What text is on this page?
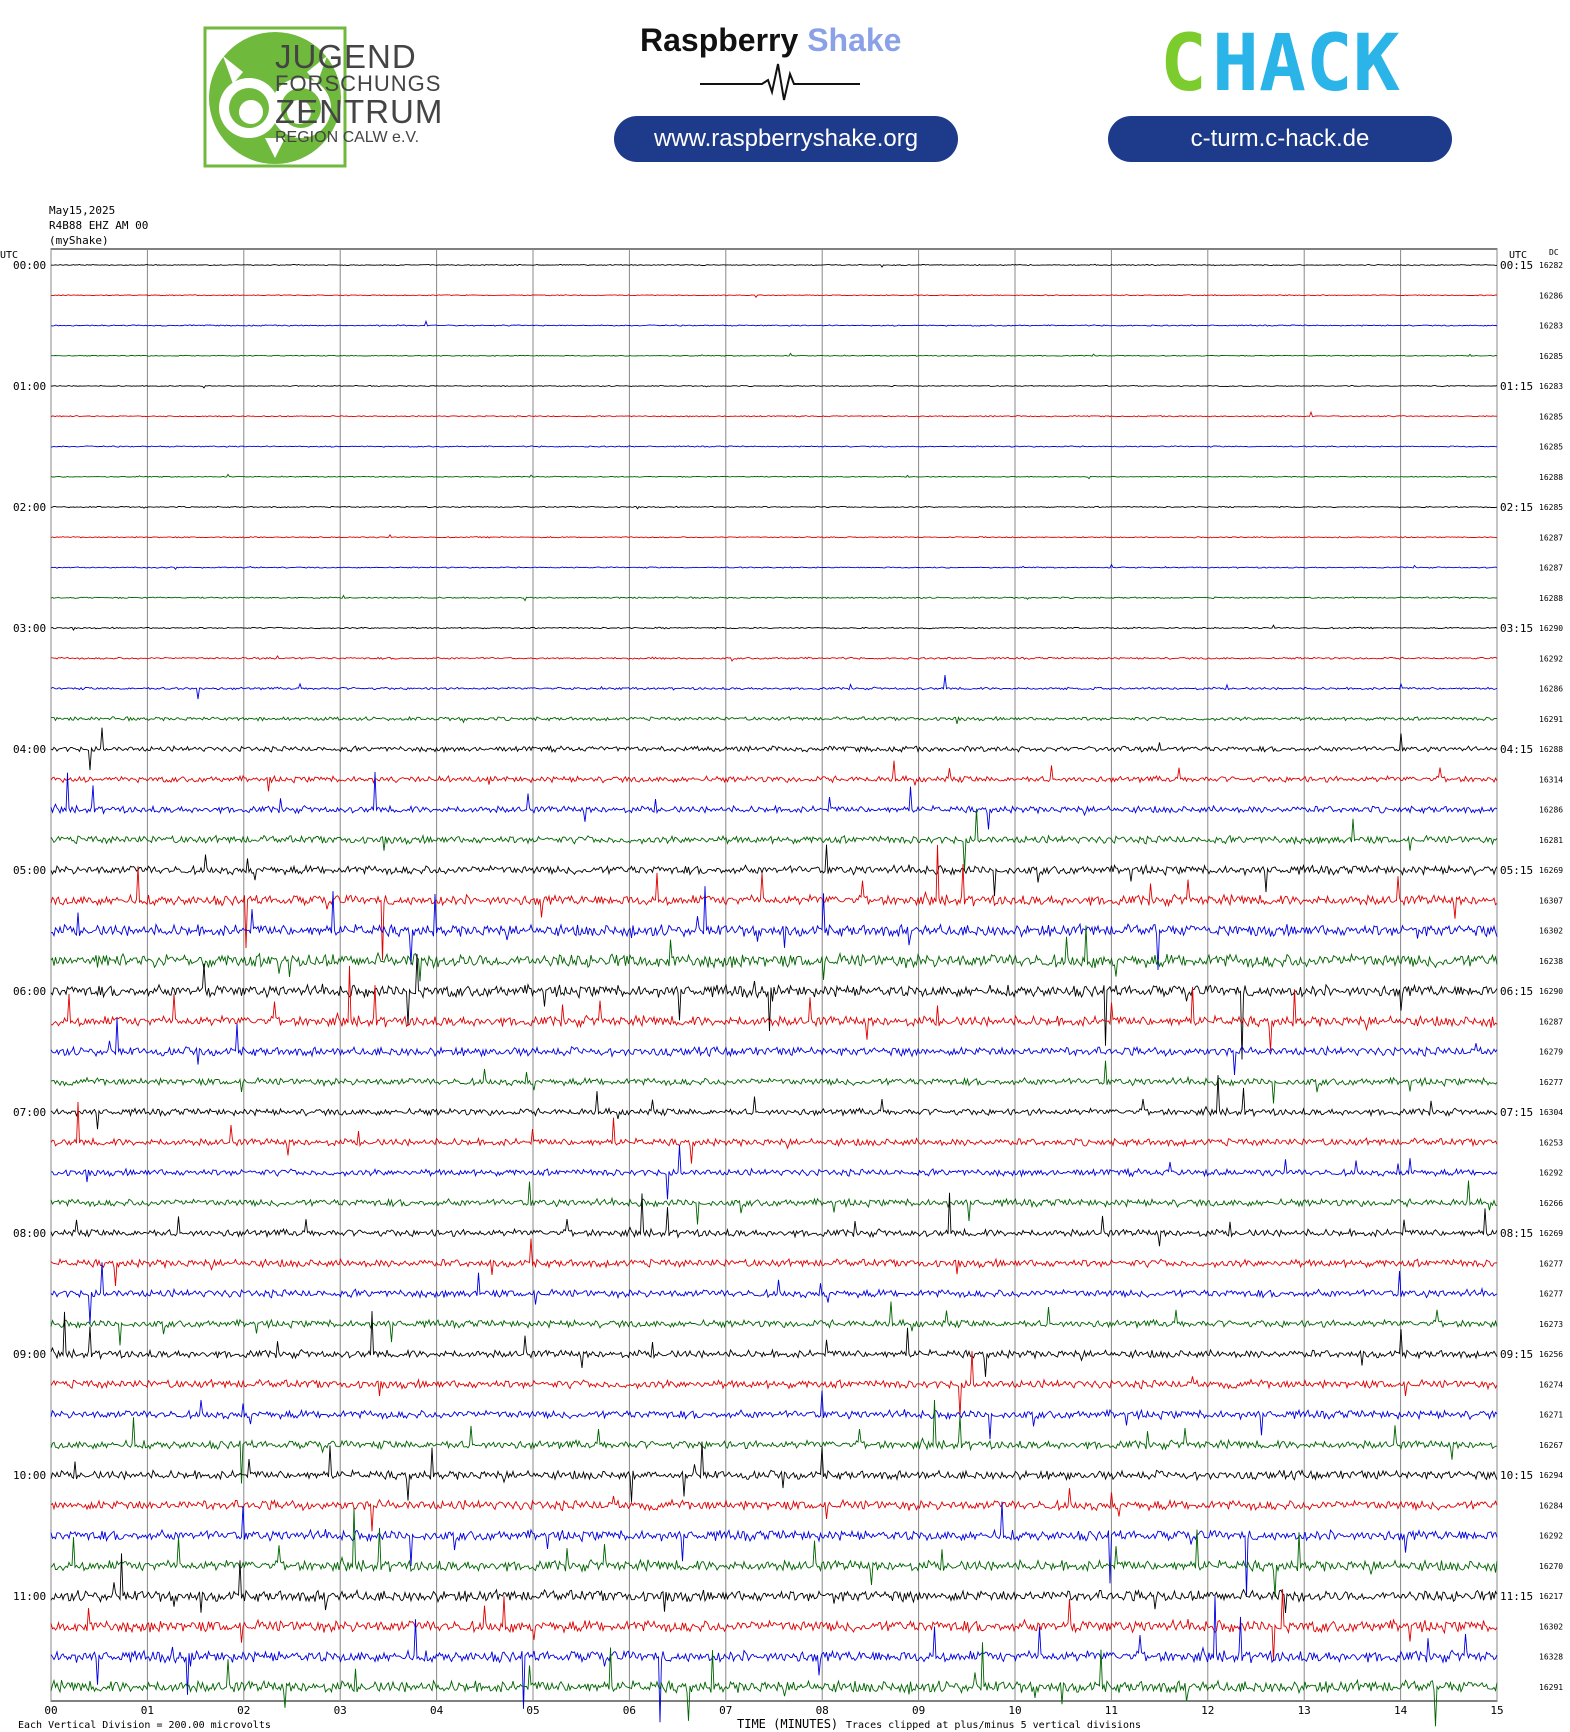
JUGEND
FORSCHUNGS
ZENTRUM
REGION CALW e.V.
Raspberry Shake
www.raspberryshake.org
C HACK
c-turm.c-hack.de
May15,2025
R4B88 EHZ AM 00
(myShake)
00	01	02	03	04	05	06	07	08	09	10	11	12	13	14	15
16282
16286
16283
16285
16283
16285
16285
16288
16285
16287
16287
16288
16290
16292
16286
16291
16288
16314
16286
16281
16269
16307
16302
16238
16290
16287
16279
16277
16304
16253
16292
16266
16269
16277
16277
16273
16256
16274
16271
16267
16294
16284
16292
16270
16217
16302
16328
16291
00:00
01:00
02:00
03:00
04:00
05:00
06:00
07:00
08:00
09:00
10:00
11:00
00:15
01:15
02:15
03:15
04:15
05:15
06:15
07:15
08:15
09:15
10:15
11:15
UTC	UTC	DC
Each Vertical Division = 200.00 microvolts	TIME (MINUTES) Traces clipped at plus/minus 5 vertical divisions
